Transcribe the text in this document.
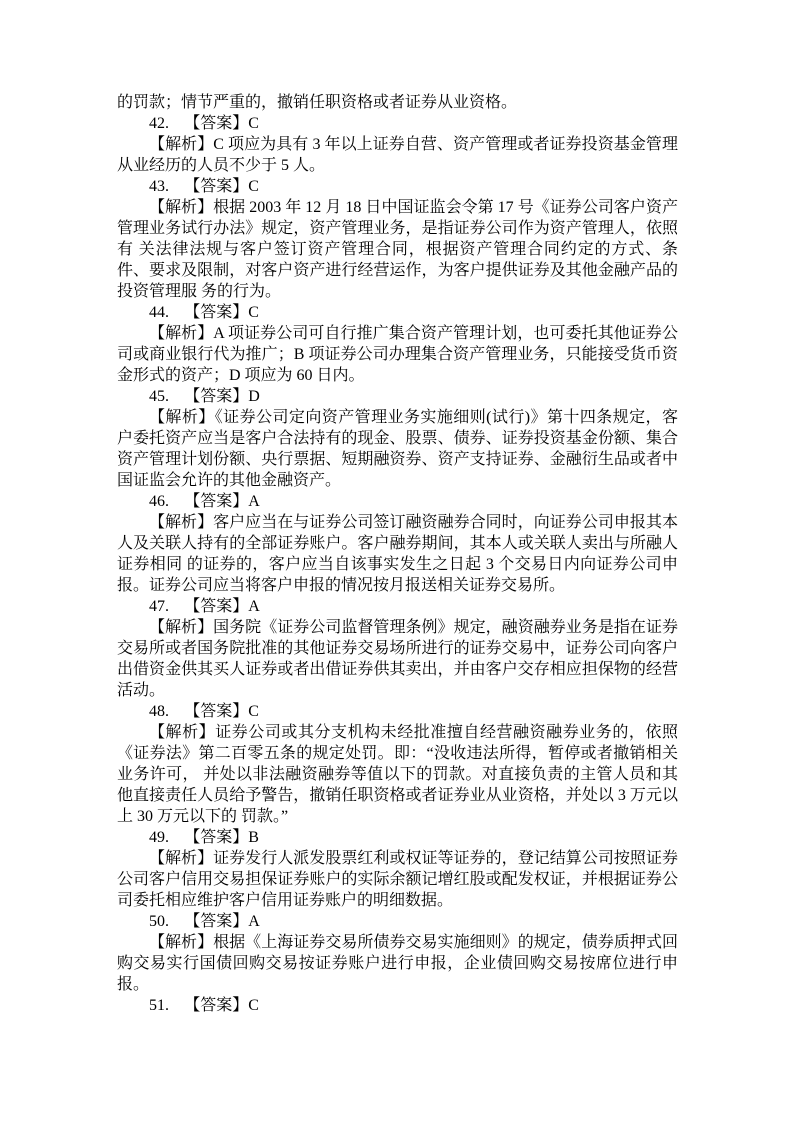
的罚款；情节严重的，撤销任职资格或者证券从业资格。

42. 【答案】C

【解析】C 项应为具有 3 年以上证券自营、资产管理或者证券投资基金管理从业经历的人员不少于 5 人。

43. 【答案】C

【解析】根据 2003 年 12 月 18 日中国证监会令第 17 号《证券公司客户资产管理业务试行办法》规定，资产管理业务，是指证券公司作为资产管理人，依照有 关法律法规与客户签订资产管理合同，根据资产管理合同约定的方式、条件、要求及限制，对客户资产进行经营运作，为客户提供证券及其他金融产品的投资管理服 务的行为。

44. 【答案】C

【解析】A 项证券公司可自行推广集合资产管理计划，也可委托其他证券公司或商业银行代为推广；B 项证券公司办理集合资产管理业务，只能接受货币资金形式的资产；D 项应为 60 日内。

45. 【答案】D

【解析】《证券公司定向资产管理业务实施细则(试行)》第十四条规定，客户委托资产应当是客户合法持有的现金、股票、债券、证券投资基金份额、集合资产管理计划份额、央行票据、短期融资券、资产支持证券、金融衍生品或者中国证监会允许的其他金融资产。

46. 【答案】A

【解析】客户应当在与证券公司签订融资融券合同时，向证券公司申报其本人及关联人持有的全部证券账户。客户融券期间，其本人或关联人卖出与所融人证券相同 的证券的，客户应当自该事实发生之日起 3 个交易日内向证券公司申报。证券公司应当将客户申报的情况按月报送相关证券交易所。

47. 【答案】A

【解析】国务院《证券公司监督管理条例》规定，融资融券业务是指在证券交易所或者国务院批准的其他证券交易场所进行的证券交易中，证券公司向客户出借资金供其买人证券或者出借证券供其卖出，并由客户交存相应担保物的经营活动。

48. 【答案】C

【解析】证券公司或其分支机构未经批准擅自经营融资融券业务的，依照《证券法》第二百零五条的规定处罚。即：“没收违法所得，暂停或者撤销相关业务许可， 并处以非法融资融券等值以下的罚款。对直接负责的主管人员和其他直接责任人员给予警告，撤销任职资格或者证券业从业资格，并处以 3 万元以上 30 万元以下的 罚款。”

49. 【答案】B

【解析】证券发行人派发股票红利或权证等证券的，登记结算公司按照证券公司客户信用交易担保证券账户的实际余额记增红股或配发权证，并根据证券公司委托相应维护客户信用证券账户的明细数据。

50. 【答案】A

【解析】根据《上海证券交易所债券交易实施细则》的规定，债券质押式回购交易实行国债回购交易按证券账户进行申报，企业债回购交易按席位进行申报。

51. 【答案】C
